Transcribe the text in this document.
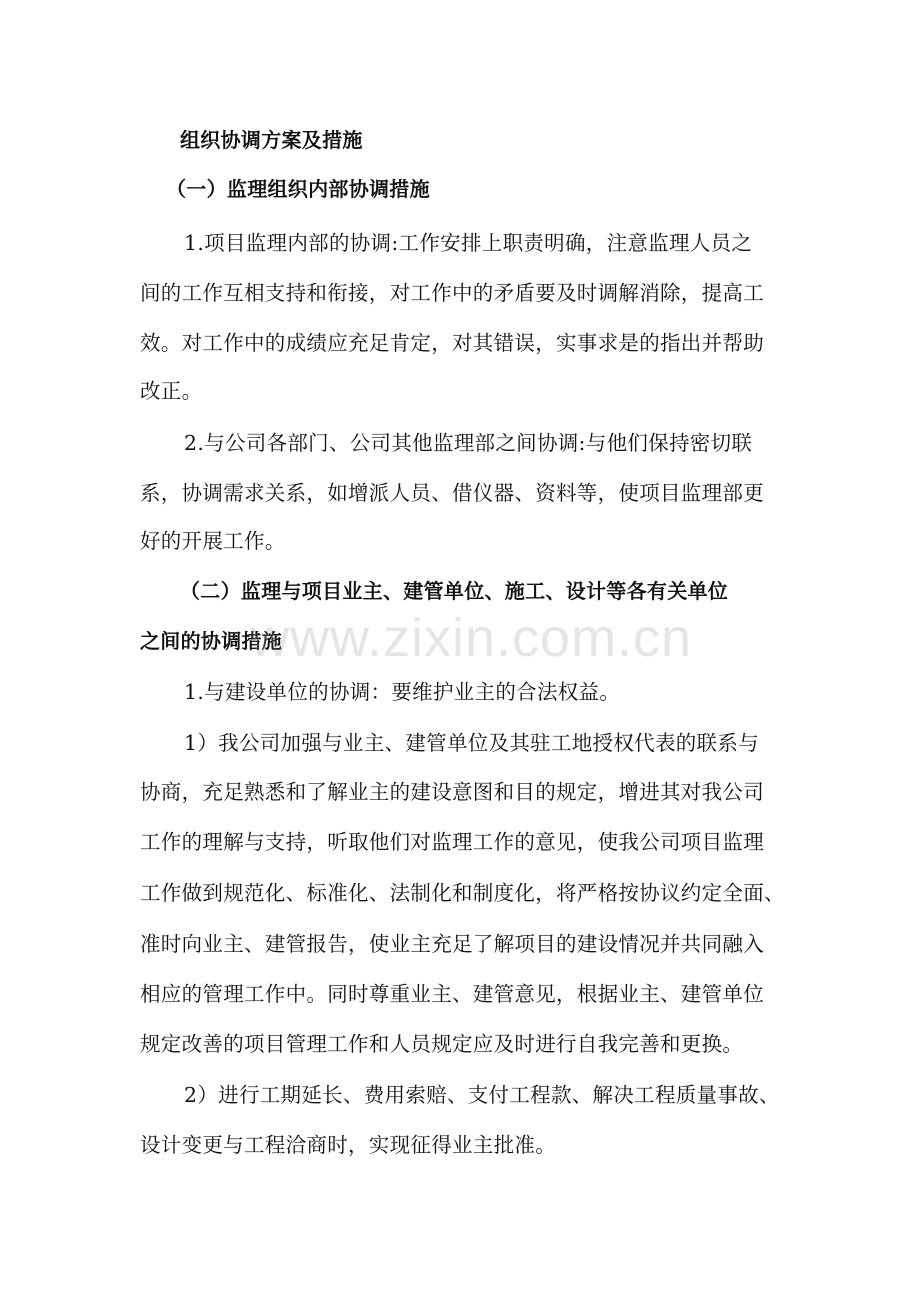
组织协调方案及措施
（一）监理组织内部协调措施
1.项目监理内部的协调:工作安排上职责明确，注意监理人员之
间的工作互相支持和衔接，对工作中的矛盾要及时调解消除，提高工
效。对工作中的成绩应充足肯定，对其错误，实事求是的指出并帮助
改正。
2.与公司各部门、公司其他监理部之间协调:与他们保持密切联
系，协调需求关系，如增派人员、借仪器、资料等，使项目监理部更
好的开展工作。
（二）监理与项目业主、建管单位、施工、设计等各有关单位
之间的协调措施
1.与建设单位的协调：要维护业主的合法权益。
1）我公司加强与业主、建管单位及其驻工地授权代表的联系与
协商，充足熟悉和了解业主的建设意图和目的规定，增进其对我公司
工作的理解与支持，听取他们对监理工作的意见，使我公司项目监理
工作做到规范化、标准化、法制化和制度化，将严格按协议约定全面、
准时向业主、建管报告，使业主充足了解项目的建设情况并共同融入
相应的管理工作中。同时尊重业主、建管意见，根据业主、建管单位
规定改善的项目管理工作和人员规定应及时进行自我完善和更换。
2）进行工期延长、费用索赔、支付工程款、解决工程质量事故、
设计变更与工程洽商时，实现征得业主批准。
www.zixin.com.cn
